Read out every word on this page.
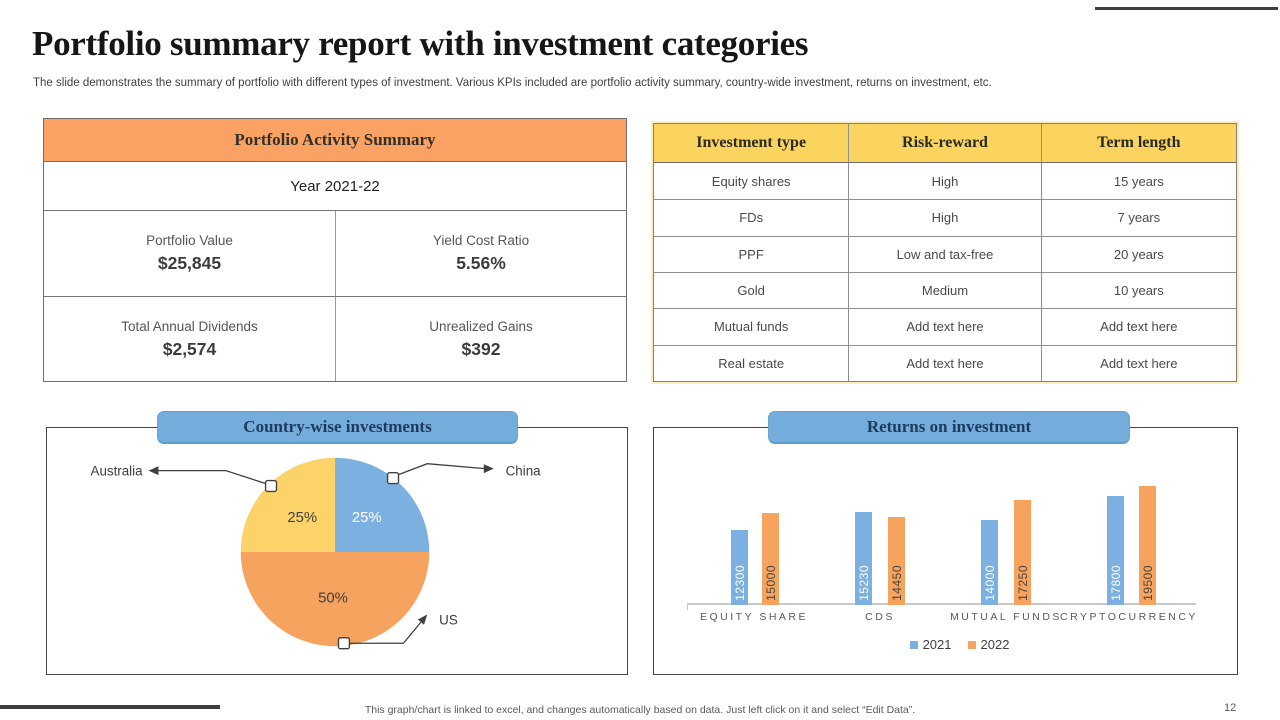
Portfolio summary report with investment categories
The slide demonstrates the summary of portfolio with different types of investment. Various KPIs included are portfolio activity summary, country-wide investment, returns on investment, etc.
Portfolio Activity Summary
Year 2021-22
Portfolio Value
$25,845
Yield Cost Ratio
5.56%
Total Annual Dividends
$2,574
Unrealized Gains
$392
Investment type	Risk-reward	Term length
Equity shares	High	15 years
FDs	High	7 years
PPF	Low and tax-free	20 years
Gold	Medium	10 years
Mutual funds	Add text here	Add text here
Real estate	Add text here	Add text here
Country-wise investments	Returns on investment
Australia	China
US
25%
50%
25%
12300 15000	15230 14450	14000 17250	17800 19500
EQUITY SHARE	CDS	MUTUAL FUNDS
CRYPTOCURRENCY
2021 2022
This graph/chart is linked to excel, and changes automatically based on data. Just left click on it and select “Edit Data”.	12
